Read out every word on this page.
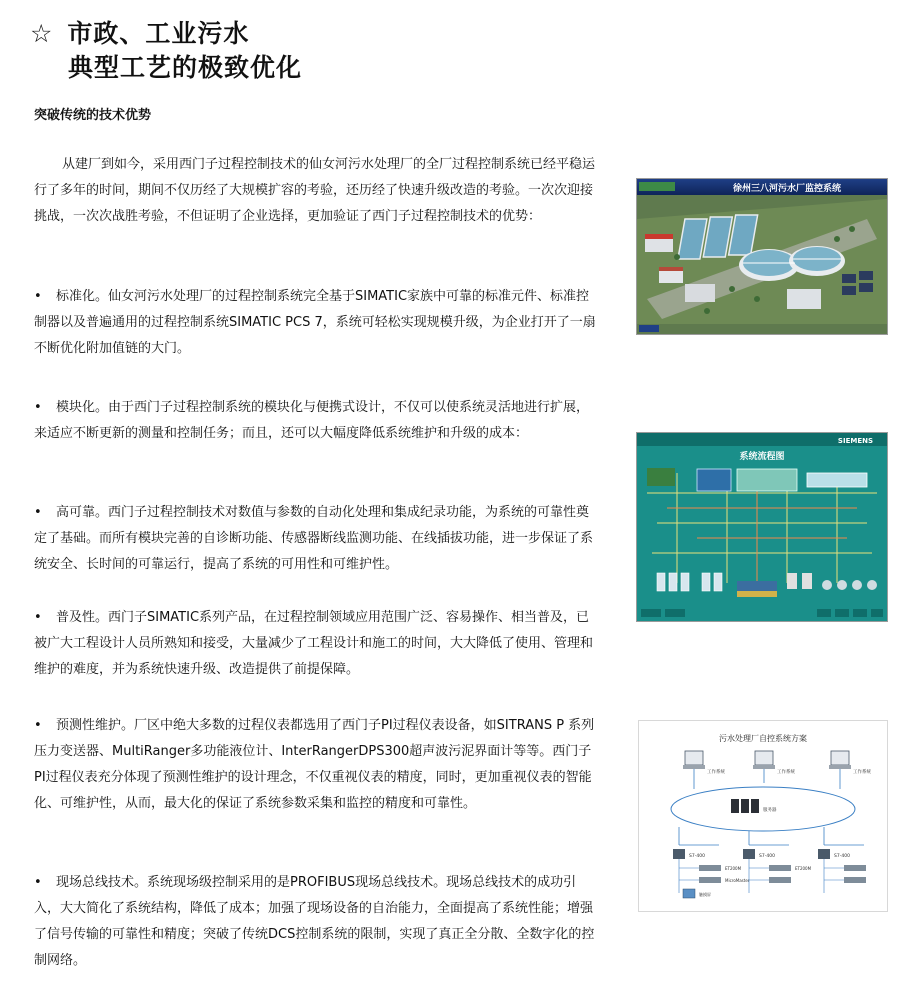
☆ 市政、工业污水
典型工艺的极致优化
突破传统的技术优势
从建厂到如今，采用西门子过程控制技术的仙女河污水处理厂的全厂过程控制系统已经平稳运行了多年的时间，期间不仅历经了大规模扩容的考验，还历经了快速升级改造的考验。一次次迎接挑战，一次次战胜考验，不但证明了企业选择，更加验证了西门子过程控制技术的优势：
• 标准化。仙女河污水处理厂的过程控制系统完全基于SIMATIC家族中可靠的标准元件、标准控制器以及普遍通用的过程控制系统SIMATIC PCS 7，系统可轻松实现规模升级，为企业打开了一扇不断优化附加值链的大门。
• 模块化。由于西门子过程控制系统的模块化与便携式设计，不仅可以使系统灵活地进行扩展，来适应不断更新的测量和控制任务；而且，还可以大幅度降低系统维护和升级的成本：
• 高可靠。西门子过程控制技术对数值与参数的自动化处理和集成纪录功能，为系统的可靠性奠定了基础。而所有模块完善的自诊断功能、传感器断线监测功能、在线插拔功能，进一步保证了系统安全、长时间的可靠运行，提高了系统的可用性和可维护性。
• 普及性。西门子SIMATIC系列产品，在过程控制领域应用范围广泛、容易操作、相当普及，已被广大工程设计人员所熟知和接受，大量减少了工程设计和施工的时间，大大降低了使用、管理和维护的难度，并为系统快速升级、改造提供了前提保障。
• 预测性维护。厂区中绝大多数的过程仪表都选用了西门子PI过程仪表设备，如SITRANS P 系列压力变送器、MultiRanger多功能液位计、InterRangerDPS300超声波污泥界面计等等。西门子PI过程仪表充分体现了预测性维护的设计理念，不仅重视仪表的精度，同时，更加重视仪表的智能化、可维护性，从而，最大化的保证了系统参数采集和监控的精度和可靠性。
• 现场总线技术。系统现场级控制采用的是PROFIBUS现场总线技术。现场总线技术的成功引入，大大简化了系统结构，降低了成本；加强了现场设备的自治能力，全面提高了系统性能；增强了信号传输的可靠性和精度；突破了传统DCS控制系统的限制，实现了真正全分散、全数字化的控制网络。
徐州三八河污水厂监控系统
SIEMENS
系统流程图
污水处理厂自控系统方案
工作系统	工作系统	工作系统
服务器
S7-400	S7-400	S7-400
ET200M	ET200M
MicroMaster
触摸屏
